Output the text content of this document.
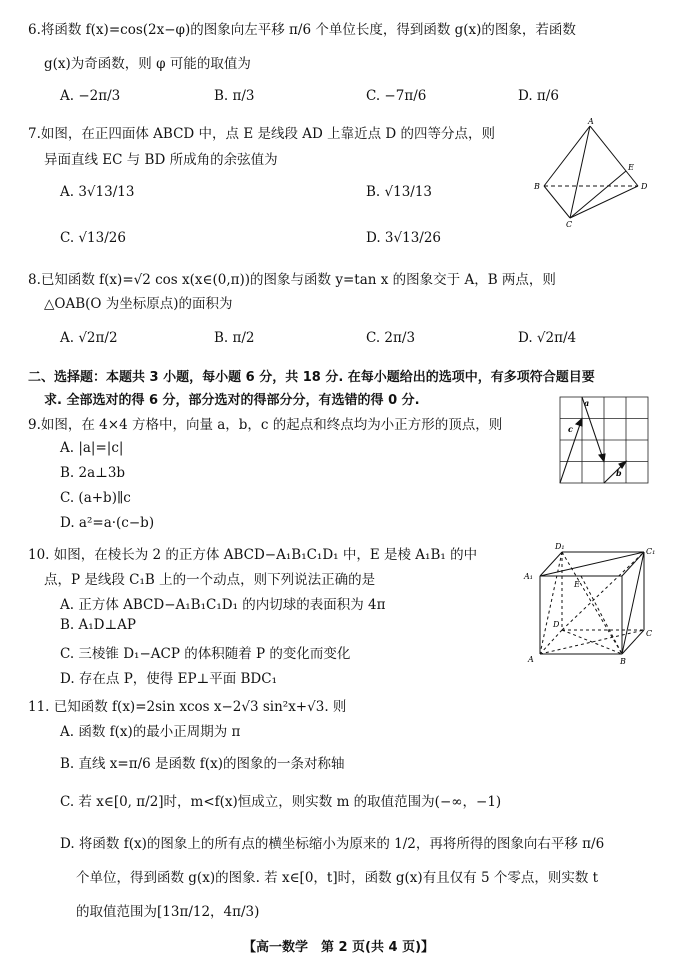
6.将函数 f(x)=cos(2x−φ)的图象向左平移 π/6 个单位长度，得到函数 g(x)的图象，若函数
g(x)为奇函数，则 φ 可能的取值为
A. −2π/3	B. π/3	C. −7π/6	D. π/6
7.如图，在正四面体 ABCD 中，点 E 是线段 AD 上靠近点 D 的四等分点，则
异面直线 EC 与 BD 所成角的余弦值为
A. 3√13/13	B. √13/13
C. √13/26	D. 3√13/26
A
B
C
D
E
8.已知函数 f(x)=√2 cos x(x∈(0,π))的图象与函数 y=tan x 的图象交于 A，B 两点，则
△OAB(O 为坐标原点)的面积为
A. √2π/2	B. π/2	C. 2π/3	D. √2π/4
二、选择题：本题共 3 小题，每小题 6 分，共 18 分. 在每小题给出的选项中，有多项符合题目要
求. 全部选对的得 6 分，部分选对的得部分分，有选错的得 0 分.
9.如图，在 4×4 方格中，向量 a，b，c 的起点和终点均为小正方形的顶点，则
A. |a|=|c|
B. 2a⊥3b
C. (a+b)∥c
D. a²=a·(c−b)
a
b
c
10. 如图，在棱长为 2 的正方体 ABCD−A₁B₁C₁D₁ 中，E 是棱 A₁B₁ 的中
点，P 是线段 C₁B 上的一个动点，则下列说法正确的是
A. 正方体 ABCD−A₁B₁C₁D₁ 的内切球的表面积为 4π
B. A₁D⊥AP
C. 三棱锥 D₁−ACP 的体积随着 P 的变化而变化
D. 存在点 P，使得 EP⊥平面 BDC₁
D₁
C₁
A₁
E
D
A
C
B
11. 已知函数 f(x)=2sin xcos x−2√3 sin²x+√3. 则
A. 函数 f(x)的最小正周期为 π
B. 直线 x=π/6 是函数 f(x)的图象的一条对称轴
C. 若 x∈[0, π/2]时，m<f(x)恒成立，则实数 m 的取值范围为(−∞，−1)
D. 将函数 f(x)的图象上的所有点的横坐标缩小为原来的 1/2，再将所得的图象向右平移 π/6
个单位，得到函数 g(x)的图象. 若 x∈[0，t]时，函数 g(x)有且仅有 5 个零点，则实数 t
的取值范围为[13π/12，4π/3)
【高一数学　第 2 页(共 4 页)】
